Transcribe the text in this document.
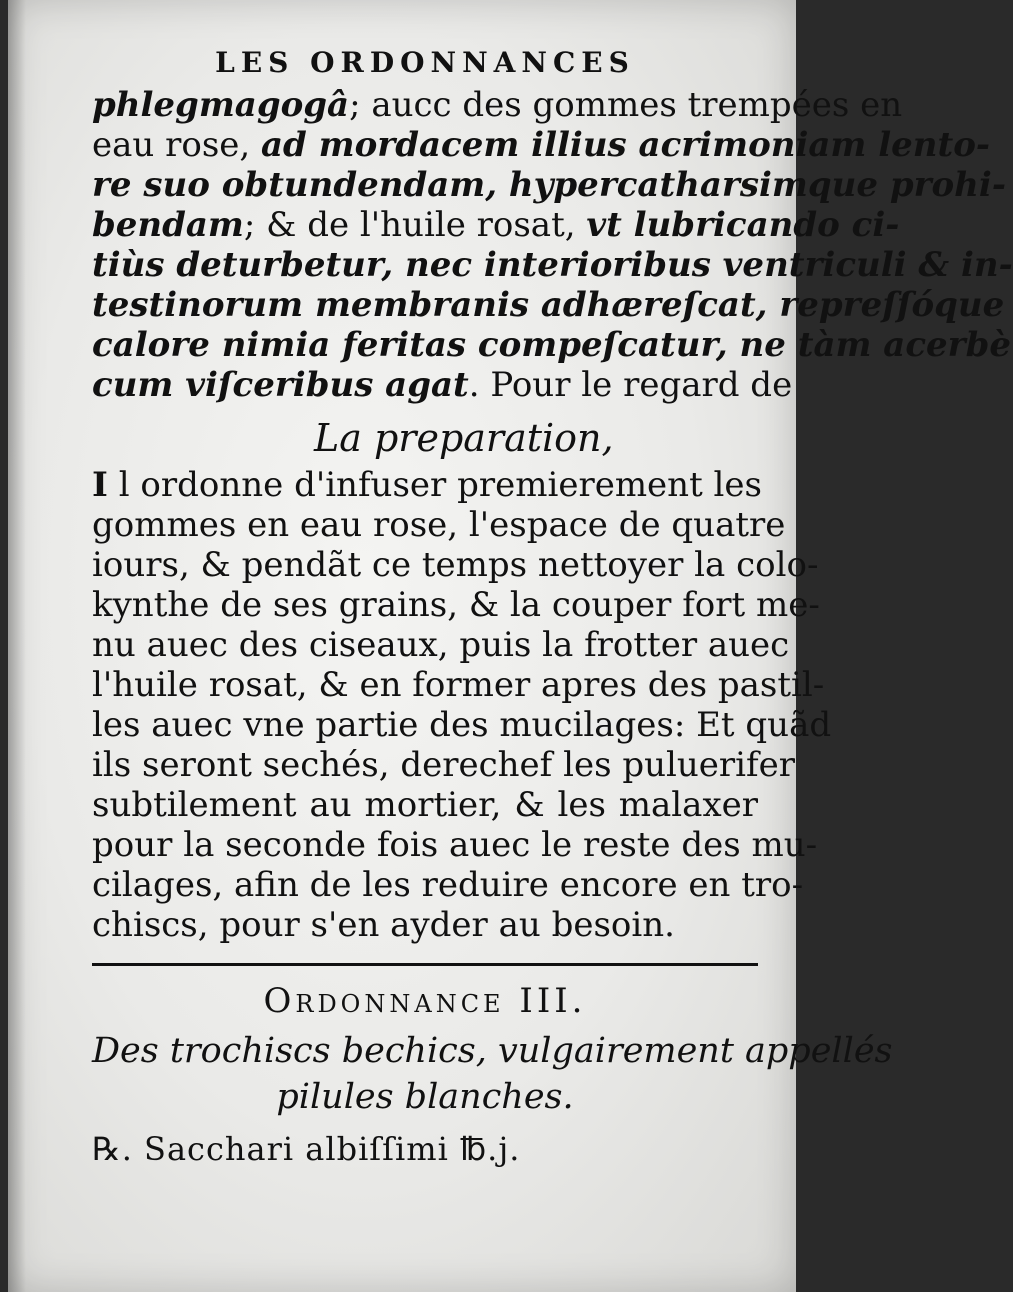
LES ORDONNANCES
phlegmagogâ; aucc des gommes trempées en
eau rose, ad mordacem illius acrimoniam lento-
re suo obtundendam, hypercatharsimque prohi-
bendam; & de l'huile rosat, vt lubricando ci-
tiùs deturbetur, nec interioribus ventriculi & in-
testinorum membranis adhæreſcat, repreſſóque
calore nimia feritas compeſcatur, ne tàm acerbè
cum viſceribus agat. Pour le regard de
La preparation,
I l ordonne d'infuser premierement les
gommes en eau rose, l'espace de quatre
iours, & pendãt ce temps nettoyer la colo-
kynthe de ses grains, & la couper fort me-
nu auec des ciseaux, puis la frotter auec
l'huile rosat, & en former apres des pastil-
les auec vne partie des mucilages: Et quãd
ils seront sechés, derechef les puluerifer
subtilement au mortier, & les malaxer
pour la seconde fois auec le reste des mu-
cilages, afin de les reduire encore en tro-
chiscs, pour s'en ayder au besoin.
Ordonnance III.
Des trochiscs bechics, vulgairement appellés
pilules blanches.
℞. Sacchari albiſſimi ℔.j.
